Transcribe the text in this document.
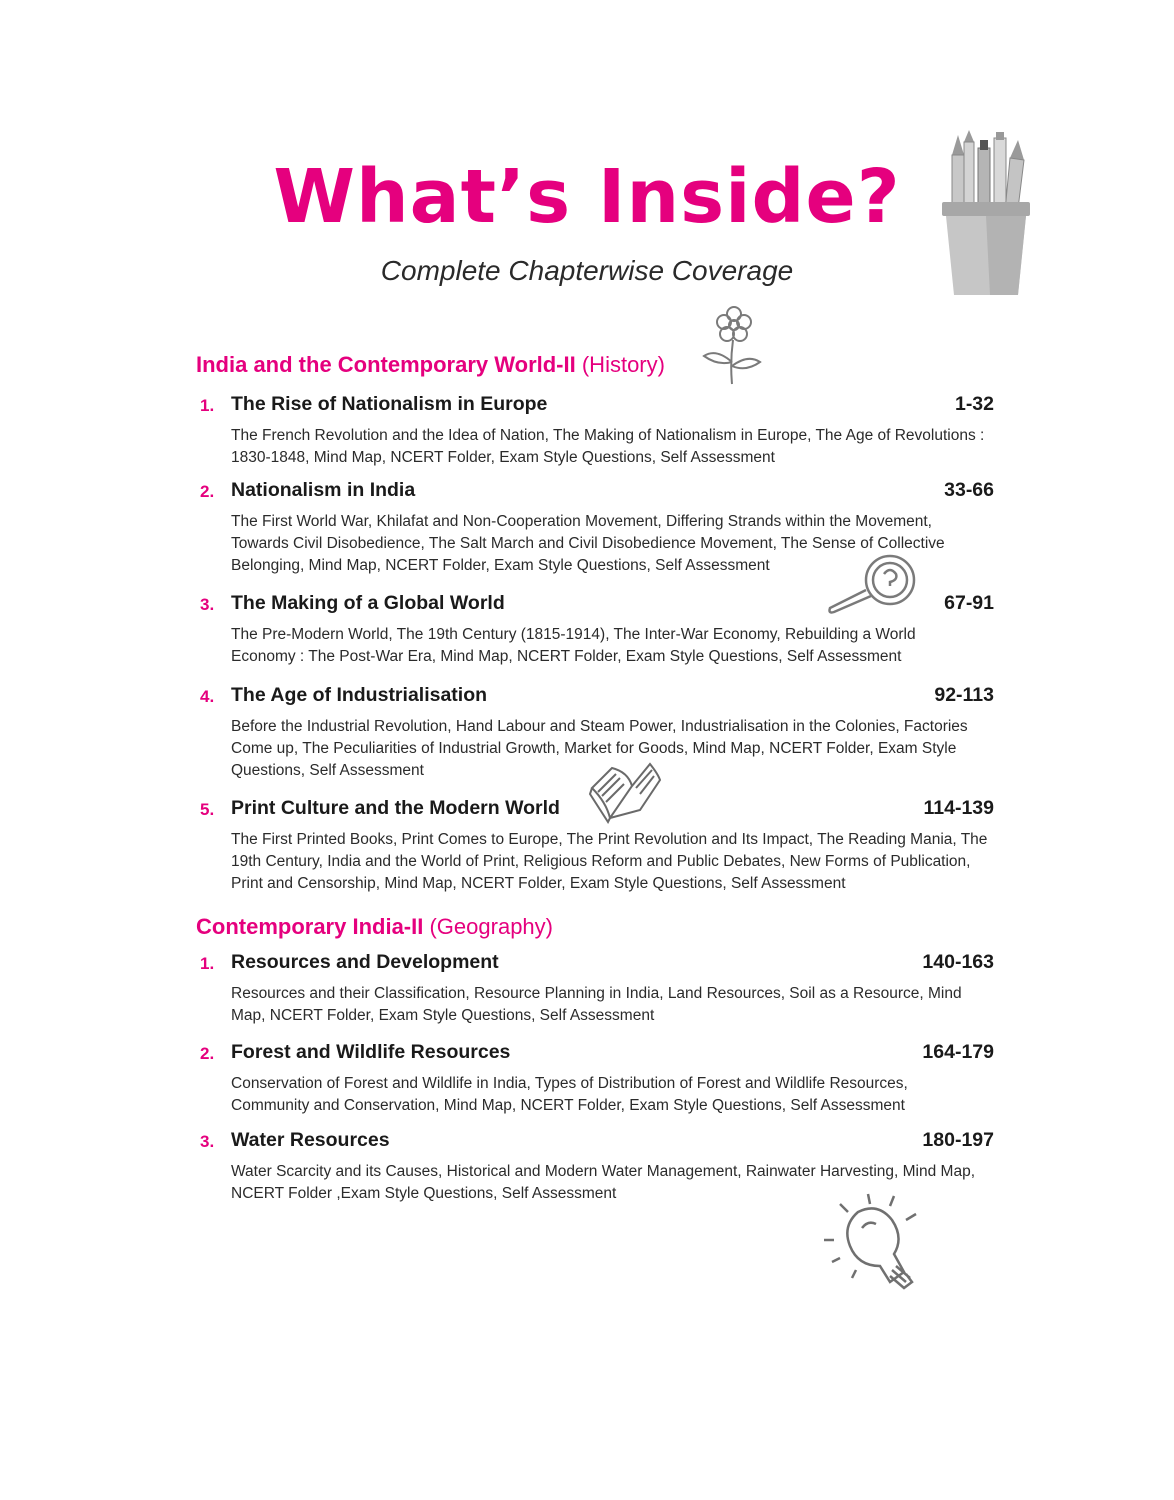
What’s Inside?
Complete Chapterwise Coverage
India and the Contemporary World-II (History)
1. The Rise of Nationalism in Europe	1-32
The French Revolution and the Idea of Nation, The Making of Nationalism in Europe, The Age of Revolutions : 1830-1848, Mind Map, NCERT Folder, Exam Style Questions, Self Assessment
2. Nationalism in India	33-66
The First World War, Khilafat and Non-Cooperation Movement, Differing Strands within the Movement, Towards Civil Disobedience, The Salt March and Civil Disobedience Movement, The Sense of Collective Belonging, Mind Map, NCERT Folder, Exam Style Questions, Self Assessment
3. The Making of a Global World	67-91
The Pre-Modern World, The 19th Century (1815-1914), The Inter-War Economy, Rebuilding a World Economy : The Post-War Era, Mind Map, NCERT Folder, Exam Style Questions, Self Assessment
4. The Age of Industrialisation	92-113
Before the Industrial Revolution, Hand Labour and Steam Power, Industrialisation in the Colonies, Factories Come up, The Peculiarities of Industrial Growth, Market for Goods, Mind Map, NCERT Folder, Exam Style Questions, Self Assessment
5. Print Culture and the Modern World	114-139
The First Printed Books, Print Comes to Europe, The Print Revolution and Its Impact, The Reading Mania, The 19th Century, India and the World of Print, Religious Reform and Public Debates, New Forms of Publication, Print and Censorship, Mind Map, NCERT Folder, Exam Style Questions, Self Assessment
Contemporary India-II (Geography)
1. Resources and Development	140-163
Resources and their Classification, Resource Planning in India, Land Resources, Soil as a Resource, Mind Map, NCERT Folder, Exam Style Questions, Self Assessment
2. Forest and Wildlife Resources	164-179
Conservation of Forest and Wildlife in India, Types of Distribution of Forest and Wildlife Resources, Community and Conservation, Mind Map, NCERT Folder, Exam Style Questions, Self Assessment
3. Water Resources	180-197
Water Scarcity and its Causes, Historical and Modern Water Management, Rainwater Harvesting, Mind Map, NCERT Folder ,Exam Style Questions, Self Assessment
